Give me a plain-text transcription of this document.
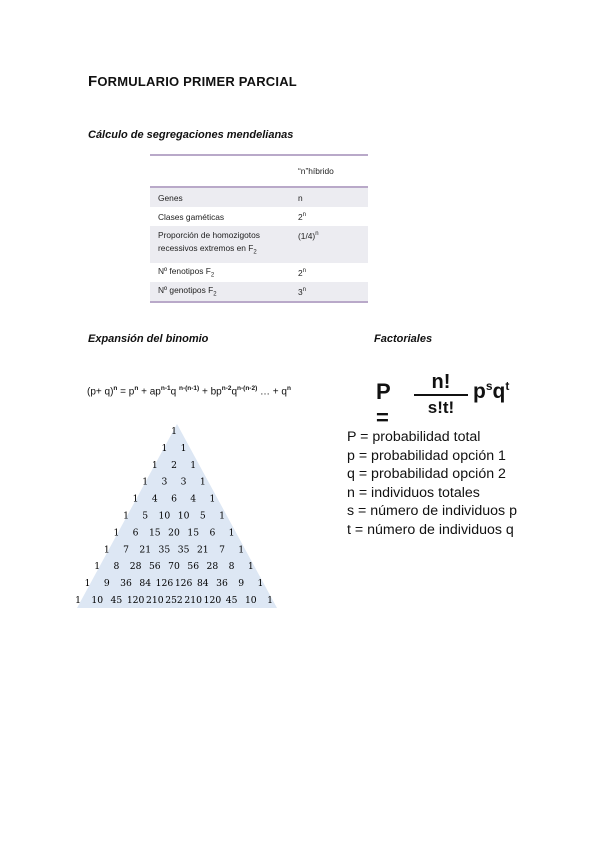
FORMULARIO PRIMER PARCIAL
Cálculo de segregaciones mendelianas
	“n”híbrido
Genes	n
Clases gaméticas	2$^n$
Proporción de homozigotos
recessivos extremos en $F_2$	$(1/4)^n$
Nº fenotipos $F_2$	2$^n$
Nº genotipos $F_2$	3$^n$
Expansión del binomio	Factoriales
$(p+ q)^n = p^n + ap^{n-1}q$ $^{n-(n-1)} + bp^{n-2}q^{n-(n-2)}$ … + $q^n$
1
1 1
1 2 1
1 3 3 1
1 4 6 4 1
1 5 10 10 5 1
1 6 15 20 15 6 1
1 7 21 35 35 21 7 1
1 8 28 56 70 56 28 8 1
1 9 36 84 126 126 84 36 9 1
1 10 45 120 210 252 210 120 45 10 1
P =
n!
s!t!
$p^sq^t$
P = probabilidad total
p = probabilidad opción 1
q = probabilidad opción 2
n = individuos totales
s = número de individuos p
t = número de individuos q
